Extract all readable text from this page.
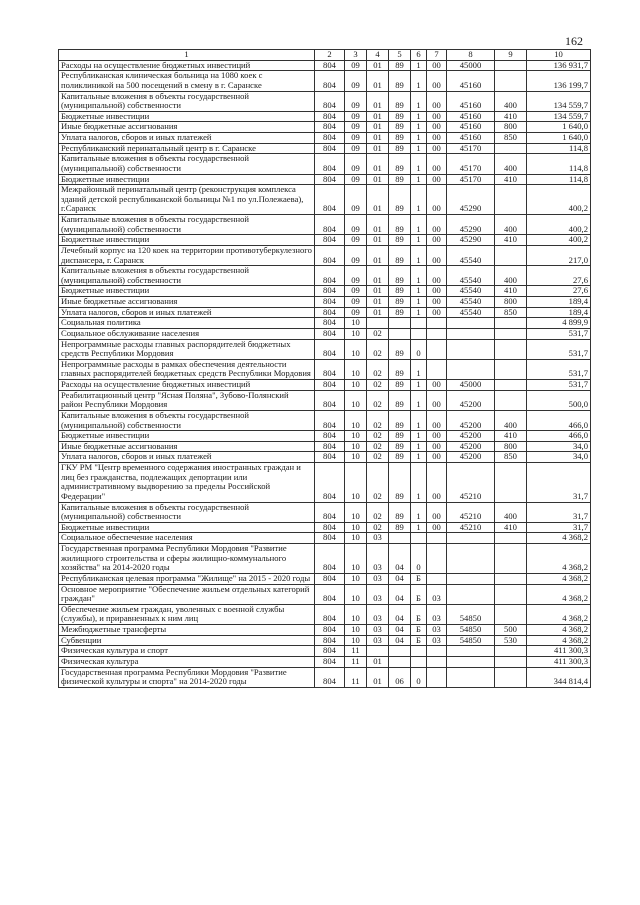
162
1	2	3	4	5	6	7	8	9	10
Расходы на осуществление бюджетных инвестиций	804	09	01	89	1	00	45000		136 931,7
Республиканская клиническая больница на 1080 коек с поликлиникой на 500 посещений в смену в г. Саранске	804	09	01	89	1	00	45160		136 199,7
Капитальные вложения в объекты государственной (муниципальной) собственности	804	09	01	89	1	00	45160	400	134 559,7
Бюджетные инвестиции	804	09	01	89	1	00	45160	410	134 559,7
Иные бюджетные ассигнования	804	09	01	89	1	00	45160	800	1 640,0
Уплата налогов, сборов и иных платежей	804	09	01	89	1	00	45160	850	1 640,0
Республиканский перинатальный центр в г. Саранске	804	09	01	89	1	00	45170		114,8
Капитальные вложения в объекты государственной (муниципальной) собственности	804	09	01	89	1	00	45170	400	114,8
Бюджетные инвестиции	804	09	01	89	1	00	45170	410	114,8
Межрайонный перинатальный центр (реконструкция комплекса зданий детской республиканской больницы №1 по ул.Полежаева), г.Саранск	804	09	01	89	1	00	45290		400,2
Капитальные вложения в объекты государственной (муниципальной) собственности	804	09	01	89	1	00	45290	400	400,2
Бюджетные инвестиции	804	09	01	89	1	00	45290	410	400,2
Лечебный корпус на 120 коек на территории противотуберкулезного диспансера, г. Саранск	804	09	01	89	1	00	45540		217,0
Капитальные вложения в объекты государственной (муниципальной) собственности	804	09	01	89	1	00	45540	400	27,6
Бюджетные инвестиции	804	09	01	89	1	00	45540	410	27,6
Иные бюджетные ассигнования	804	09	01	89	1	00	45540	800	189,4
Уплата налогов, сборов и иных платежей	804	09	01	89	1	00	45540	850	189,4
Социальная политика	804	10							4 899,9
Социальное обслуживание населения	804	10	02						531,7
Непрограммные расходы главных распорядителей бюджетных средств Республики Мордовия	804	10	02	89	0				531,7
Непрограммные расходы в рамках обеспечения деятельности главных распорядителей бюджетных средств Республики Мордовия	804	10	02	89	1				531,7
Расходы на осуществление бюджетных инвестиций	804	10	02	89	1	00	45000		531,7
Реабилитационный центр "Ясная Поляна", Зубово-Полянский район Республики Мордовия	804	10	02	89	1	00	45200		500,0
Капитальные вложения в объекты государственной (муниципальной) собственности	804	10	02	89	1	00	45200	400	466,0
Бюджетные инвестиции	804	10	02	89	1	00	45200	410	466,0
Иные бюджетные ассигнования	804	10	02	89	1	00	45200	800	34,0
Уплата налогов, сборов и иных платежей	804	10	02	89	1	00	45200	850	34,0
ГКУ РМ "Центр временного содержания иностранных граждан и лиц без гражданства, подлежащих депортации или административному выдворению за пределы Российской Федерации"	804	10	02	89	1	00	45210		31,7
Капитальные вложения в объекты государственной (муниципальной) собственности	804	10	02	89	1	00	45210	400	31,7
Бюджетные инвестиции	804	10	02	89	1	00	45210	410	31,7
Социальное обеспечение населения	804	10	03						4 368,2
Государственная программа Республики Мордовия "Развитие жилищного строительства и сферы жилищно-коммунального хозяйства" на 2014-2020 годы	804	10	03	04	0				4 368,2
Республиканская целевая программа "Жилище" на 2015 - 2020 годы	804	10	03	04	Б				4 368,2
Основное мероприятие "Обеспечение жильем отдельных категорий граждан"	804	10	03	04	Б	03			4 368,2
Обеспечение жильем граждан, уволенных с военной службы (службы), и приравненных к ним лиц	804	10	03	04	Б	03	54850		4 368,2
Межбюджетные трансферты	804	10	03	04	Б	03	54850	500	4 368,2
Субвенции	804	10	03	04	Б	03	54850	530	4 368,2
Физическая культура и спорт	804	11							411 300,3
Физическая культура	804	11	01						411 300,3
Государственная программа Республики Мордовия "Развитие физической культуры и спорта" на 2014-2020 годы	804	11	01	06	0				344 814,4
